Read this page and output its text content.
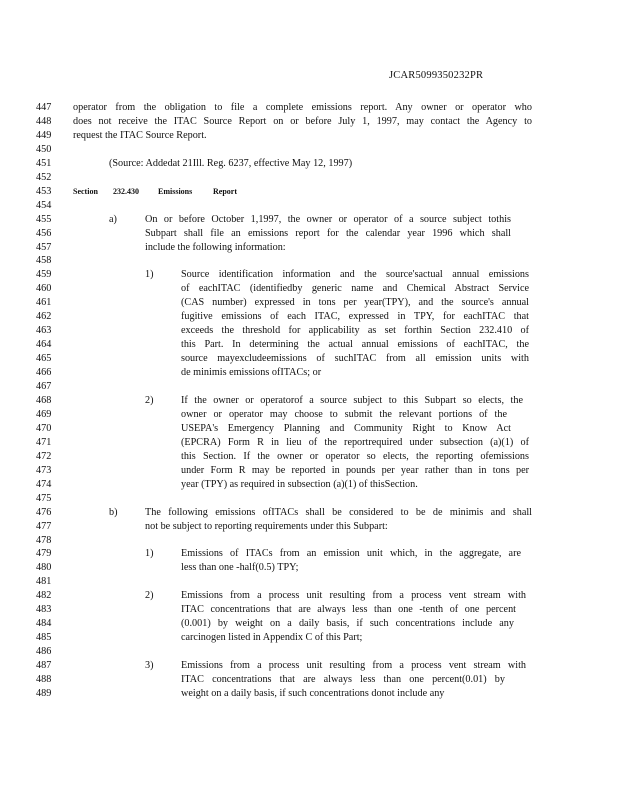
JCAR5099350232PR
447	operator from the obligation to file a complete emissions report. Any owner or operator who
448	does not receive the ITAC Source Report on or before July 1, 1997, may contact the Agency to
449	request the ITAC Source Report.
450
451	(Source: Addedat 21Ill. Reg. 6237, effective May 12, 1997)
452
453	Section 232.430 Emissions	Report
454
455	a)	On or before October 1,1997, the owner or operator of a source subject tothis
456	Subpart shall file an emissions report for the calendar year 1996 which shall
457	include the following information:
458
459	1)	Source identification information and the source'sactual annual emissions
460	of eachITAC (identifiedby generic name and Chemical Abstract Service
461	(CAS number) expressed in tons per year(TPY), and the source's annual
462	fugitive emissions of each ITAC, expressed in TPY, for eachITAC that
463	exceeds the threshold for applicability as set forthin Section 232.410 of
464	this Part. In determining the actual annual emissions of eachITAC, the
465	source mayexcludeemissions of suchITAC from all emission units with
466	de minimis emissions ofITACs; or
467
468	2)	If the owner or operatorof a source subject to this Subpart so elects, the
469	owner or operator may choose to submit the relevant portions of the
470	USEPA's Emergency Planning and Community Right to Know Act
471	(EPCRA) Form R in lieu of the reportrequired under subsection (a)(1) of
472	this Section. If the owner or operator so elects, the reporting ofemissions
473	under Form R may be reported in pounds per year rather than in tons per
474	year (TPY) as required in subsection (a)(1) of thisSection.
475
476	b)	The following emissions ofITACs shall be considered to be de minimis and shall
477	not be subject to reporting requirements under this Subpart:
478
479	1)	Emissions of ITACs from an emission unit which, in the aggregate, are
480	less than one -half(0.5) TPY;
481
482	2)	Emissions from a process unit resulting from a process vent stream with
483	ITAC concentrations that are always less than one -tenth of one percent
484	(0.001) by weight on a daily basis, if such concentrations include any
485	carcinogen listed in Appendix C of this Part;
486
487	3)	Emissions from a process unit resulting from a process vent stream with
488	ITAC concentrations that are always less than one percent(0.01) by
489	weight on a daily basis, if such concentrations donot include any
